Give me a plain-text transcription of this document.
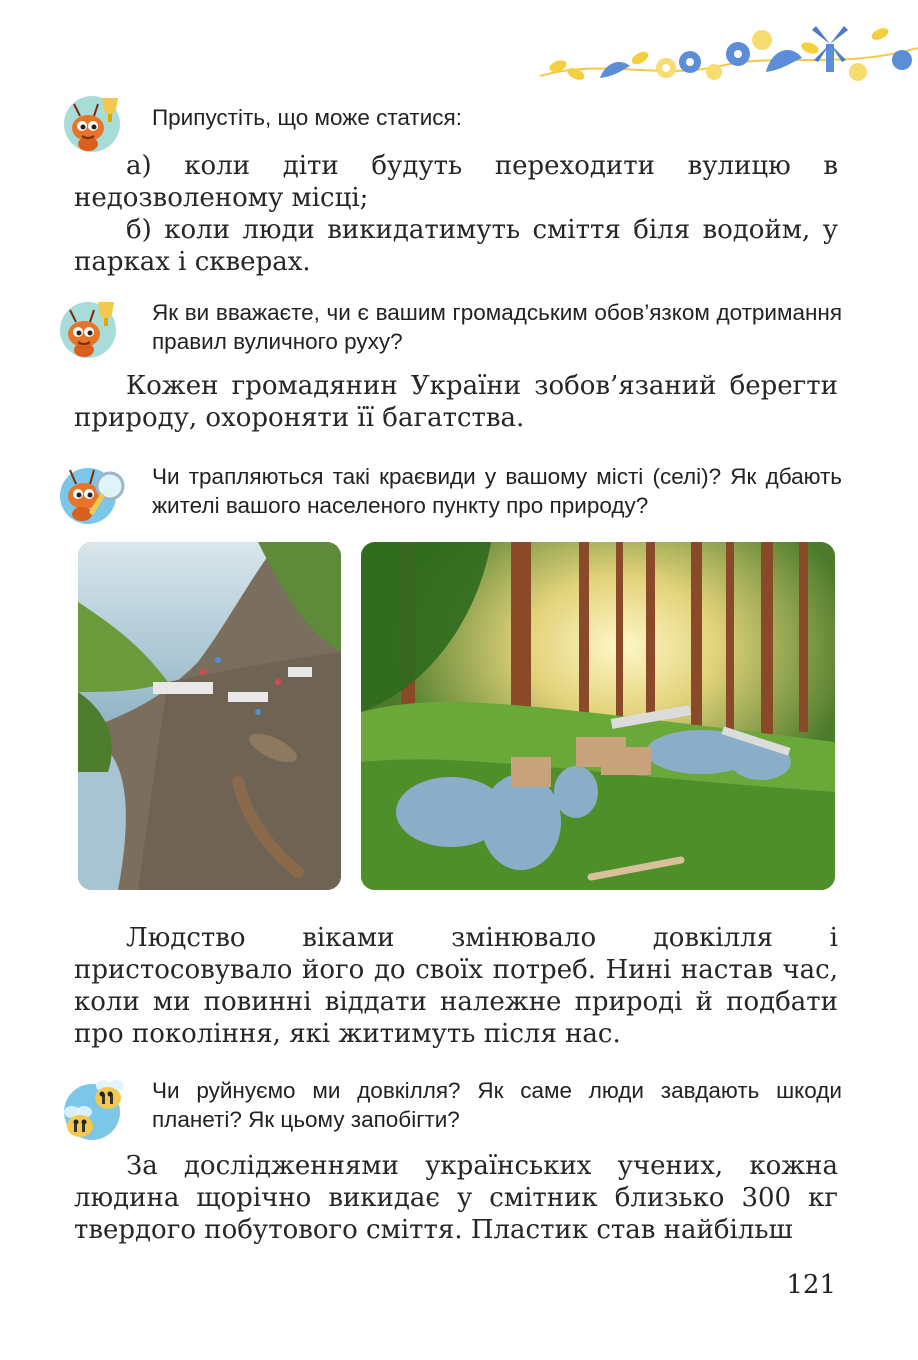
Припустіть, що може статися:

а) коли діти будуть переходити вулицю в недозволеному місці;

б) коли люди викидатимуть сміття біля водойм, у парках і скверах.

Як ви вважаєте, чи є вашим громадським обов’язком дотримання правил вуличного руху?
Кожен громадянин України зобов’язаний берегти природу, охороняти її багатства.
Чи трапляються такі краєвиди у вашому місті (селі)? Як дбають жителі вашого населеного пункту про природу?
Людство віками змінювало довкілля і пристосовувало його до своїх потреб. Нині настав час, коли ми повинні віддати належне природі й подбати про покоління, які житимуть після нас.
Чи руйнуємо ми довкілля? Як саме люди завдають шкоди планеті? Як цьому запобігти?
За дослідженнями українських учених, кожна людина щорічно викидає у смітник близько 300 кг твердого побутового сміття. Пластик став найбільш
121
